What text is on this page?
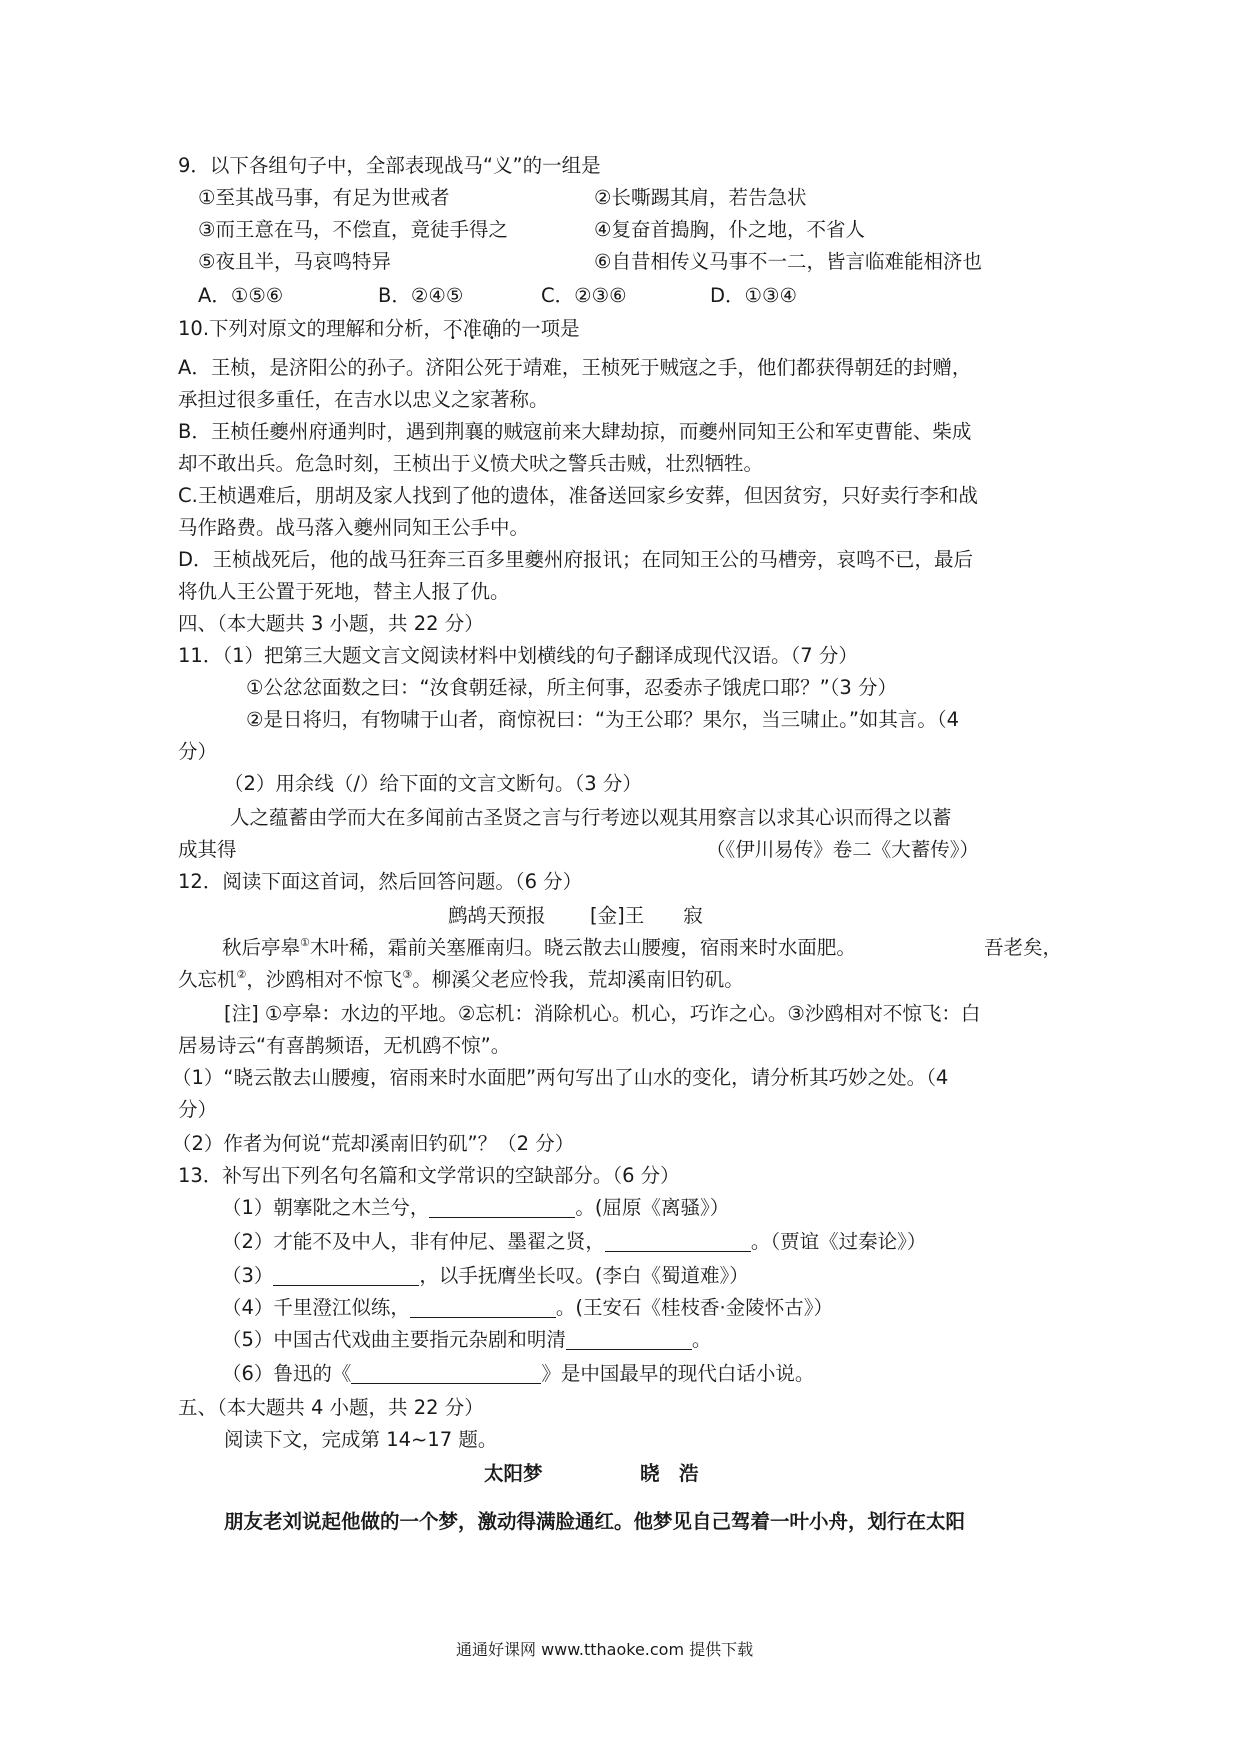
9．以下各组句子中，全部表现战马“义”的一组是
①至其战马事，有足为世戒者	②长嘶踢其肩，若告急状
③而王意在马，不偿直，竟徒手得之	④复奋首搗胸，仆之地，不省人
⑤夜且半，马哀鸣特异	⑥自昔相传义马事不一二，皆言临难能相济也
A．①⑤⑥	B．②④⑤	C．②③⑥	D．①③④
10.下列对原文的理解和分析，不准确的一项是
A．王桢，是济阳公的孙子。济阳公死于靖难，王桢死于贼寇之手，他们都获得朝廷的封赠，
承担过很多重任，在吉水以忠义之家著称。
B．王桢任夔州府通判时，遇到荆襄的贼寇前来大肆劫掠，而夔州同知王公和军吏曹能、柴成
却不敢出兵。危急时刻，王桢出于义愤犬吠之警兵击贼，壮烈牺牲。
C.王桢遇难后，朋胡及家人找到了他的遗体，准备送回家乡安葬，但因贫穷，只好卖行李和战
马作路费。战马落入夔州同知王公手中。
D．王桢战死后，他的战马狂奔三百多里夔州府报讯；在同知王公的马槽旁，哀鸣不已，最后
将仇人王公置于死地，替主人报了仇。
四、（本大题共 3 小题，共 22 分）
11．（1）把第三大题文言文阅读材料中划横线的句子翻译成现代汉语。（7 分）
①公忿忿面数之曰：“汝食朝廷禄，所主何事，忍委赤子饿虎口耶？”（3 分）
②是日将归，有物啸于山者，商惊祝曰：“为王公耶？果尔，当三啸止。”如其言。（4
分）
（2）用余线（/）给下面的文言文断句。（3 分）
人之蕴蓄由学而大在多闻前古圣贤之言与行考迹以观其用察言以求其心识而得之以蓄
成其得	（《伊川易传》卷二《大蓄传》）
12．阅读下面这首词，然后回答问题。（6 分）
鹧鸪天预报 [金]王　　寂
秋后亭皋①木叶稀，霜前关塞雁南归。晓云散去山腰瘦，宿雨来时水面肥。	吾老矣，
久忘机②，沙鸥相对不惊飞③。柳溪父老应怜我，荒却溪南旧钓矶。
[注] ①亭皋：水边的平地。②忘机：消除机心。机心，巧诈之心。③沙鸥相对不惊飞：白
居易诗云“有喜鹊频语，无机鸥不惊”。
（1）“晓云散去山腰瘦，宿雨来时水面肥”两句写出了山水的变化，请分析其巧妙之处。（4
分）
（2）作者为何说“荒却溪南旧钓矶”？（2 分）
13．补写出下列名句名篇和文学常识的空缺部分。（6 分）
（1）朝搴阰之木兰兮，	。(屈原《离骚》）
（2）才能不及中人，非有仲尼、墨翟之贤，	。（贾谊《过秦论》）
（3）	，以手抚膺坐长叹。(李白《蜀道难》）
（4）千里澄江似练，	。(王安石《桂枝香·金陵怀古》）
（5）中国古代戏曲主要指元杂剧和明清	。
（6）鲁迅的《	》是中国最早的现代白话小说。
五、（本大题共 4 小题，共 22 分）
阅读下文，完成第 14~17 题。
太阳梦	晓　浩
朋友老刘说起他做的一个梦，激动得满脸通红。他梦见自己驾着一叶小舟，划行在太阳
通通好课网 www.tthaoke.com 提供下载
